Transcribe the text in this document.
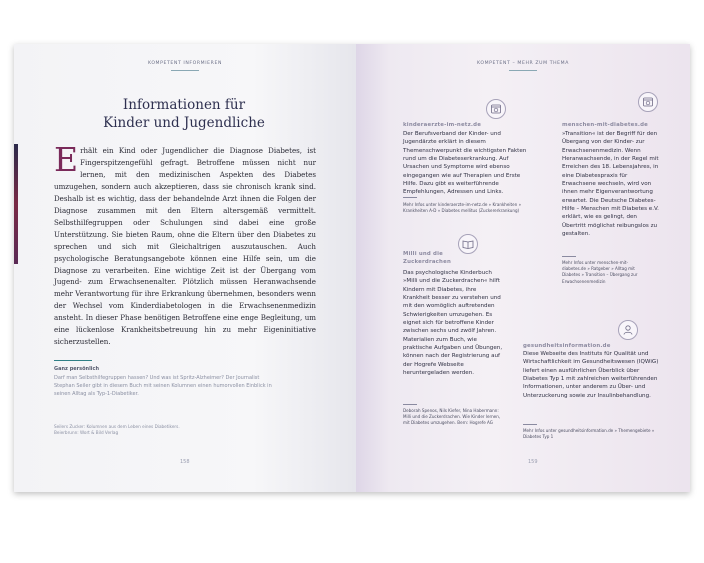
KOMPETENT INFORMIEREN
Informationen für
Kinder und Jugendliche
Erhält ein Kind oder Jugendlicher die Diagnose Diabetes, ist Fingerspitzengefühl gefragt. Betroffene müssen nicht nur lernen, mit den medizinischen Aspekten des Diabetes umzugehen, sondern auch akzeptieren, dass sie chronisch krank sind. Deshalb ist es wichtig, dass der behandelnde Arzt ihnen die Folgen der Diagnose zusammen mit den Eltern altersgemäß vermittelt. Selbsthilfegruppen oder Schulungen sind dabei eine große Unterstützung. Sie bieten Raum, ohne die Eltern über den Diabetes zu sprechen und sich mit Gleichaltrigen auszutauschen. Auch psychologische Beratungsangebote können eine Hilfe sein, um die Diagnose zu verarbeiten. Eine wichtige Zeit ist der Übergang vom Jugend- zum Erwachsenenalter. Plötzlich müssen Heranwachsende mehr Verantwortung für ihre Erkrankung übernehmen, besonders wenn der Wechsel vom Kinderdiabetologen in die Erwachsenenmedizin ansteht. In dieser Phase benötigen Betroffene eine enge Begleitung, um eine lückenlose Krankheitsbetreuung hin zu mehr Eigeninitiative sicherzustellen.
Ganz persönlich
Darf man Selbsthilfegruppen hassen? Und was ist Spritz-Alzheimer? Der Journalist Stephan Seiler gibt in diesem Buch mit seinen Kolumnen einen humorvollen Einblick in seinen Alltag als Typ-1-Diabetiker.
Seilers Zucker: Kolumnen aus dem Leben eines Diabetikers.
Beierbrunn: Wort & Bild Verlag
158
KOMPETENT – MEHR ZUM THEMA
kinderaerzte-im-netz.de
Der Berufsverband der Kinder- und Jugendärzte erklärt in diesem Themenschwerpunkt die wichtigsten Fakten rund um die Diabeteserkrankung. Auf Ursachen und Symptome wird ebenso eingegangen wie auf Therapien und Erste Hilfe. Dazu gibt es weiterführende Empfehlungen, Adressen und Links.
Mehr Infos unter kinderaerzte-im-netz.de » Krankheiten » Krankheiten A-D » Diabetes mellitus (Zuckererkrankung)
Milli und die Zuckerdrachen
Das psychologische Kinderbuch »Milli und die Zuckerdrachen« hilft Kindern mit Diabetes, ihre Krankheit besser zu verstehen und mit den womöglich auftretenden Schwierigkeiten umzugehen. Es eignet sich für betroffene Kinder zwischen sechs und zwölf Jahren. Materialien zum Buch, wie praktische Aufgaben und Übungen, können nach der Registrierung auf der Hogrefe Webseite heruntergeladen werden.
Deborah Spenos, Nils Kiefer, Nina Habermann: Milli und die Zuckerdrachen. Wie Kinder lernen, mit Diabetes umzugehen. Bern: Hogrefe AG
menschen-mit-diabetes.de
»Transition« ist der Begriff für den Übergang von der Kinder- zur Erwachsenenmedizin. Wenn Heranwachsende, in der Regel mit Erreichen des 18. Lebensjahres, in eine Diabetespraxis für Erwachsene wechseln, wird von ihnen mehr Eigenverantwortung erwartet. Die Deutsche Diabetes-Hilfe – Menschen mit Diabetes e.V. erklärt, wie es gelingt, den Übertritt möglichst reibungslos zu gestalten.
Mehr Infos unter menschen-mit-diabetes.de » Ratgeber » Alltag mit Diabetes » Transition – Übergang zur Erwachsenenmedizin
gesundheitsinformation.de
Diese Webseite des Instituts für Qualität und Wirtschaftlichkeit im Gesundheitswesen (IQWiG) liefert einen ausführlichen Überblick über Diabetes Typ 1 mit zahlreichen weiterführenden Informationen, unter anderem zu Über- und Unterzuckerung sowie zur Insulinbehandlung.
Mehr Infos unter gesundheitsinformation.de » Themengebiete » Diabetes Typ 1
159
